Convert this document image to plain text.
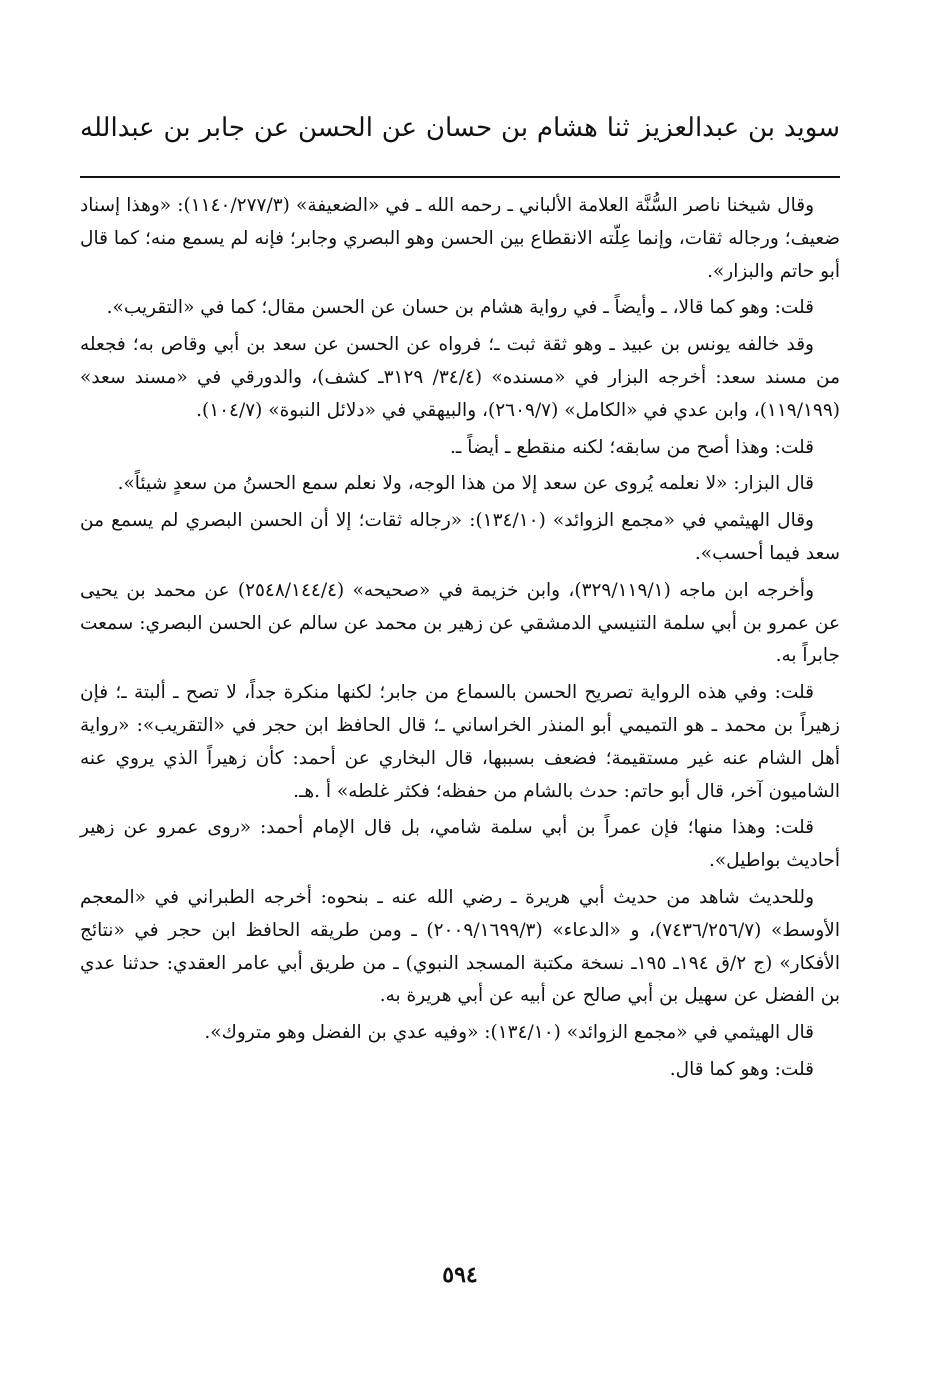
سويد بن عبدالعزيز ثنا هشام بن حسان عن الحسن عن جابر بن عبدالله

وقال شيخنا ناصر السُّنَّة العلامة الألباني ـ رحمه الله ـ في «الضعيفة» (١١٤٠/٢٧٧/٣): «وهذا إسناد ضعيف؛ ورجاله ثقات، وإنما عِلّته الانقطاع بين الحسن وهو البصري وجابر؛ فإنه لم يسمع منه؛ كما قال أبو حاتم والبزار».

قلت: وهو كما قالا، ـ وأيضاً ـ في رواية هشام بن حسان عن الحسن مقال؛ كما في «التقريب».

وقد خالفه يونس بن عبيد ـ وهو ثقة ثبت ـ؛ فرواه عن الحسن عن سعد بن أبي وقاص به؛ فجعله من مسند سعد: أخرجه البزار في «مسنده» (٣٤/٤/ ٣١٢٩ـ كشف)، والدورقي في «مسند سعد» (١١٩/١٩٩)، وابن عدي في «الكامل» (٢٦٠٩/٧)، والبيهقي في «دلائل النبوة» (١٠٤/٧).

قلت: وهذا أصح من سابقه؛ لكنه منقطع ـ أيضاً ـ.

قال البزار: «لا نعلمه يُروى عن سعد إلا من هذا الوجه، ولا نعلم سمع الحسنُ من سعدٍ شيئاً».

وقال الهيثمي في «مجمع الزوائد» (١٣٤/١٠): «رجاله ثقات؛ إلا أن الحسن البصري لم يسمع من سعد فيما أحسب».

وأخرجه ابن ماجه (٣٢٩/١١٩/١)، وابن خزيمة في «صحيحه» (٢٥٤٨/١٤٤/٤) عن محمد بن يحيى عن عمرو بن أبي سلمة التنيسي الدمشقي عن زهير بن محمد عن سالم عن الحسن البصري: سمعت جابراً به.

قلت: وفي هذه الرواية تصريح الحسن بالسماع من جابر؛ لكنها منكرة جداً، لا تصح ـ ألبتة ـ؛ فإن زهيراً بن محمد ـ هو التميمي أبو المنذر الخراساني ـ؛ قال الحافظ ابن حجر في «التقريب»: «رواية أهل الشام عنه غير مستقيمة؛ فضعف بسببها، قال البخاري عن أحمد: كأن زهيراً الذي يروي عنه الشاميون آخر، قال أبو حاتم: حدث بالشام من حفظه؛ فكثر غلطه» أ .هـ.

قلت: وهذا منها؛ فإن عمراً بن أبي سلمة شامي، بل قال الإمام أحمد: «روى عمرو عن زهير أحاديث بواطيل».

وللحديث شاهد من حديث أبي هريرة ـ رضي الله عنه ـ بنحوه: أخرجه الطبراني في «المعجم الأوسط» (٧٤٣٦/٢٥٦/٧)، و «الدعاء» (٢٠٠٩/١٦٩٩/٣) ـ ومن طريقه الحافظ ابن حجر في «نتائج الأفكار» (ج ٢/ق ١٩٤ـ ١٩٥ـ نسخة مكتبة المسجد النبوي) ـ من طريق أبي عامر العقدي: حدثنا عدي بن الفضل عن سهيل بن أبي صالح عن أبيه عن أبي هريرة به.

قال الهيثمي في «مجمع الزوائد» (١٣٤/١٠): «وفيه عدي بن الفضل وهو متروك».

قلت: وهو كما قال.

٥٩٤
